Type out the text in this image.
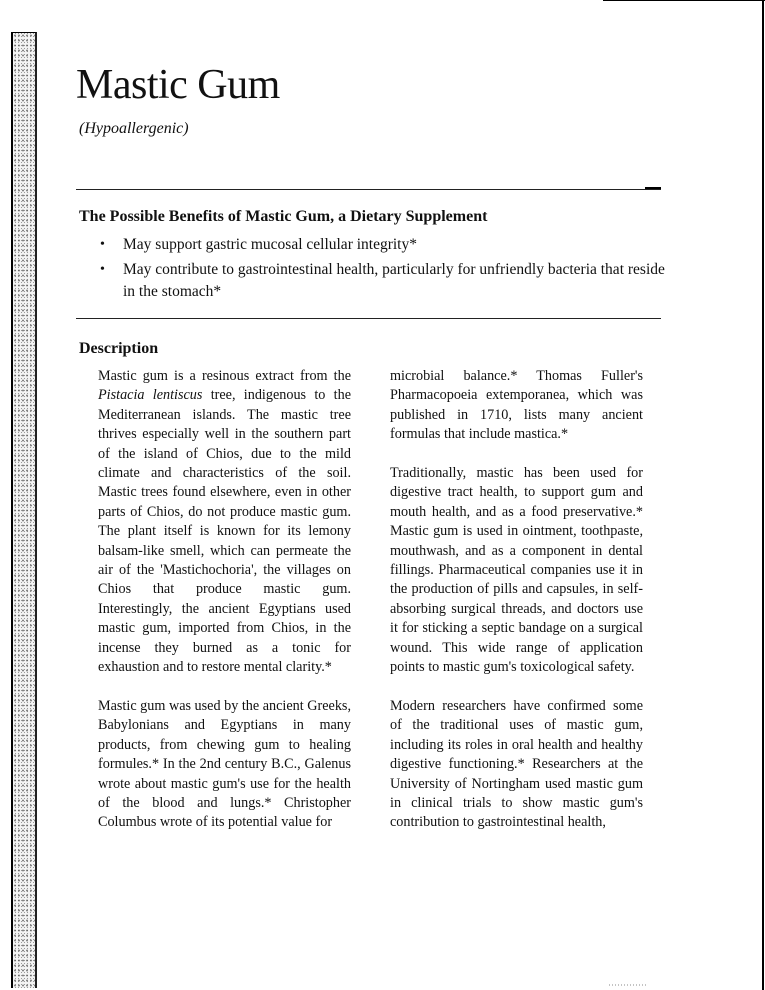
Mastic Gum
(Hypoallergenic)
The Possible Benefits of Mastic Gum, a Dietary Supplement
• May support gastric mucosal cellular integrity*
• May contribute to gastrointestinal health, particularly for unfriendly bacteria that reside in the stomach*
Description

Mastic gum is a resinous extract from the Pistacia lentiscus tree, indigenous to the Mediterranean islands. The mastic tree thrives especially well in the southern part of the island of Chios, due to the mild climate and characteristics of the soil. Mastic trees found elsewhere, even in other parts of Chios, do not produce mastic gum. The plant itself is known for its lemony balsam-like smell, which can permeate the air of the 'Mastichochoria', the villages on Chios that produce mastic gum. Interestingly, the ancient Egyptians used mastic gum, imported from Chios, in the incense they burned as a tonic for exhaustion and to restore mental clarity.*

Mastic gum was used by the ancient Greeks, Babylonians and Egyptians in many products, from chewing gum to healing formules.* In the 2nd century B.C., Galenus wrote about mastic gum's use for the health of the blood and lungs.* Christopher Columbus wrote of its potential value for

microbial balance.* Thomas Fuller's Pharmacopoeia extemporanea, which was published in 1710, lists many ancient formulas that include mastica.*

Traditionally, mastic has been used for digestive tract health, to support gum and mouth health, and as a food preservative.* Mastic gum is used in ointment, toothpaste, mouthwash, and as a component in dental fillings. Pharmaceutical companies use it in the production of pills and capsules, in self-absorbing surgical threads, and doctors use it for sticking a septic bandage on a surgical wound. This wide range of application points to mastic gum's toxicological safety.

Modern researchers have confirmed some of the traditional uses of mastic gum, including its roles in oral health and healthy digestive functioning.* Researchers at the University of Nortingham used mastic gum in clinical trials to show mastic gum's contribution to gastrointestinal health,
